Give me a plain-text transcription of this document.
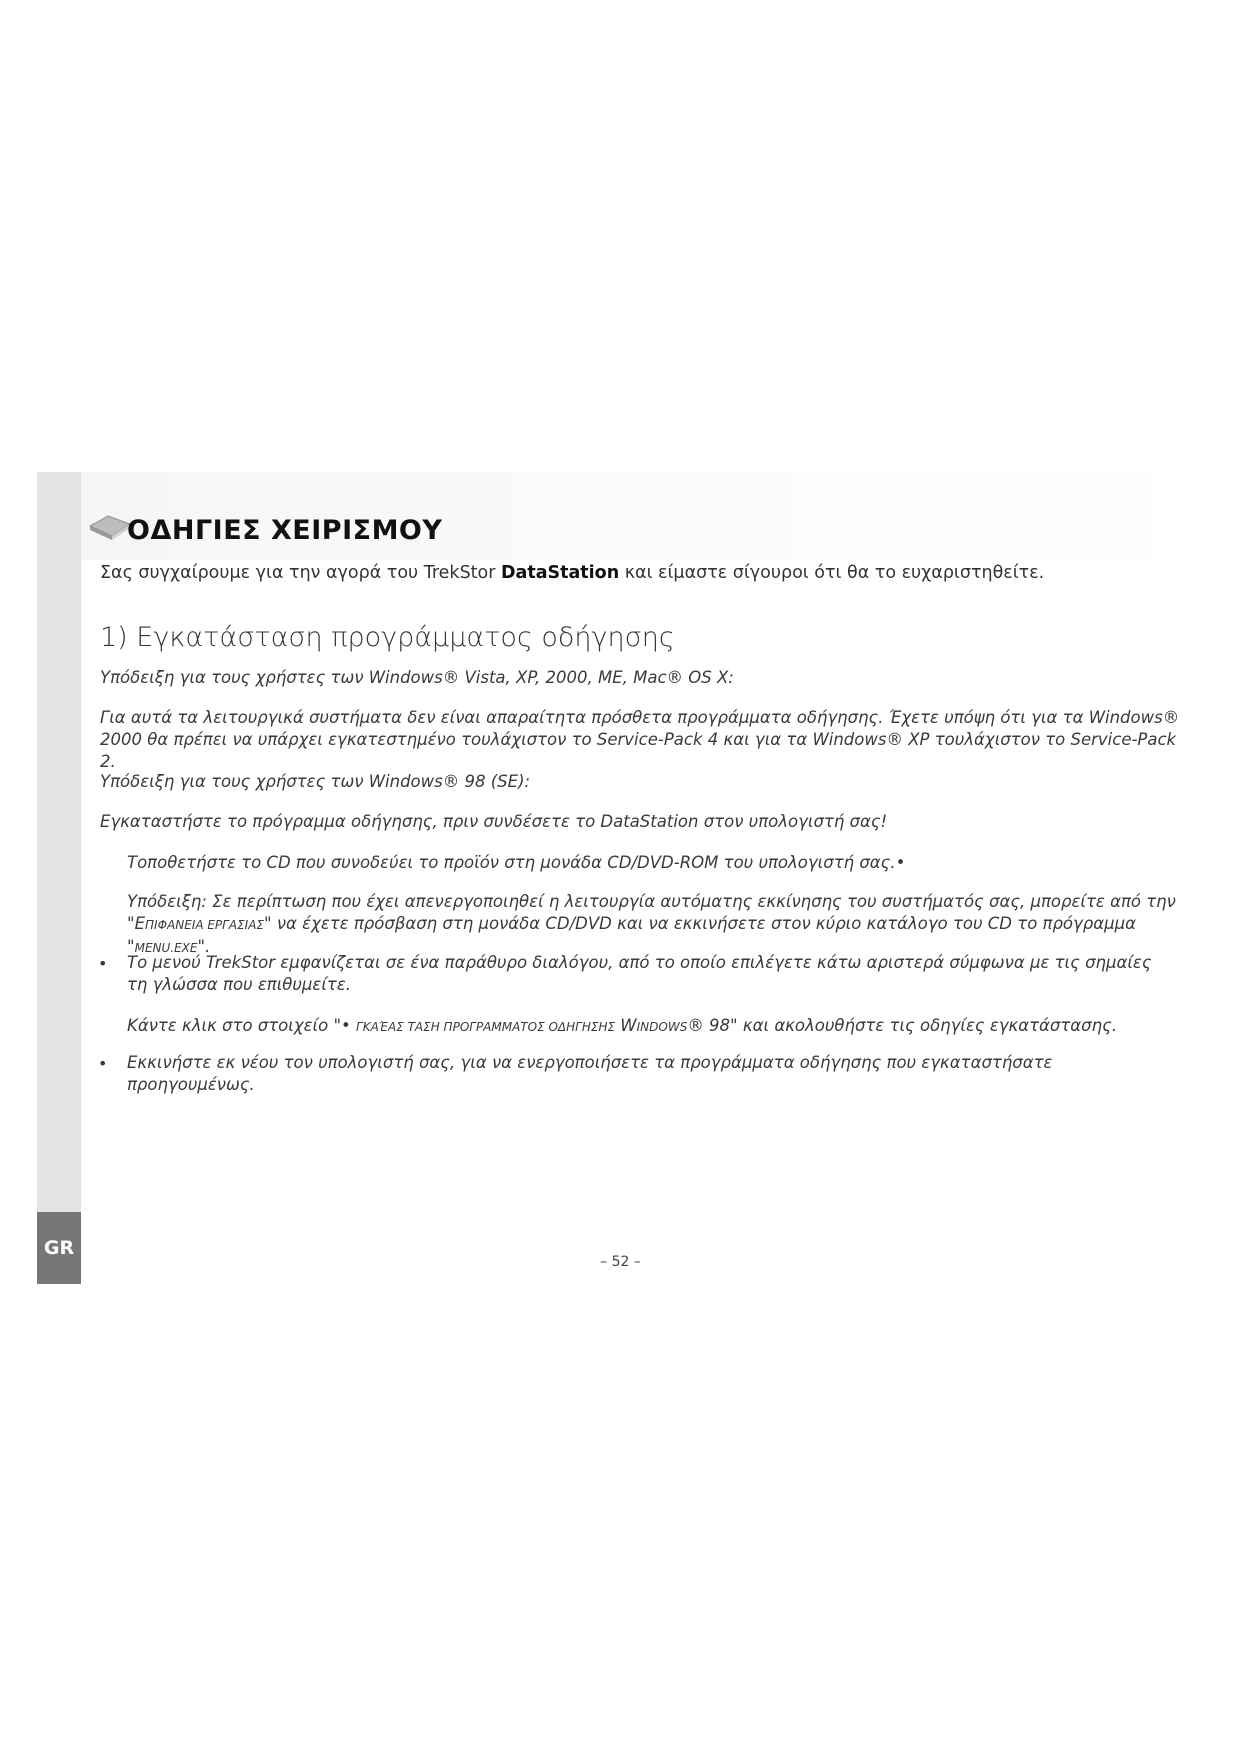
GR
ΟΔΗΓΙΕΣ ΧΕΙΡΙΣΜΟΥ
Σας συγχαίρουμε για την αγορά του TrekStor DataStation και είμαστε σίγουροι ότι θα το ευχαριστηθείτε.
1) Εγκατάσταση προγράμματος οδήγησης
Υπόδειξη για τους χρήστες των Windows® Vista, XP, 2000, ME, Mac® OS X:
Για αυτά τα λειτουργικά συστήματα δεν είναι απαραίτητα πρόσθετα προγράμματα οδήγησης. Έχετε υπόψη ότι για τα Windows® 2000 θα πρέπει να υπάρχει εγκατεστημένο τουλάχιστον το Service-Pack 4 και για τα Windows® XP τουλάχιστον το Service-Pack 2.
Υπόδειξη για τους χρήστες των Windows® 98 (SE):
Εγκαταστήστε το πρόγραμμα οδήγησης, πριν συνδέσετε το DataStation στον υπολογιστή σας!
Τοποθετήστε το CD που συνοδεύει το προϊόν στη μονάδα CD/DVD-ROM του υπολογιστή σας.•
Υπόδειξη: Σε περίπτωση που έχει απενεργοποιηθεί η λειτουργία αυτόματης εκκίνησης του συστήματός σας, μπορείτε από την
"ΕΠΙΦΑΝΕΙΑ ΕΡΓΑΣΙΑΣ" να έχετε πρόσβαση στη μονάδα CD/DVD και να εκκινήσετε στον κύριο κατάλογο του CD το πρόγραμμα "MENU.EXE".
• Το μενού TrekStor εμφανίζεται σε ένα παράθυρο διαλόγου, από το οποίο επιλέγετε κάτω αριστερά σύμφωνα με τις σημαίες τη γλώσσα που επιθυμείτε.
Κάντε κλικ στο στοιχείο "• ΓΚΑΈΑΣ ΤΑΣΗ ΠΡΟΓΡΑΜΜΑΤΟΣ ΟΔΗΓΗΣΗΣ WINDOWS® 98" και ακολουθήστε τις οδηγίες εγκατάστασης.
• Εκκινήστε εκ νέου τον υπολογιστή σας, για να ενεργοποιήσετε τα προγράμματα οδήγησης που εγκαταστήσατε προηγουμένως.
– 52 –
